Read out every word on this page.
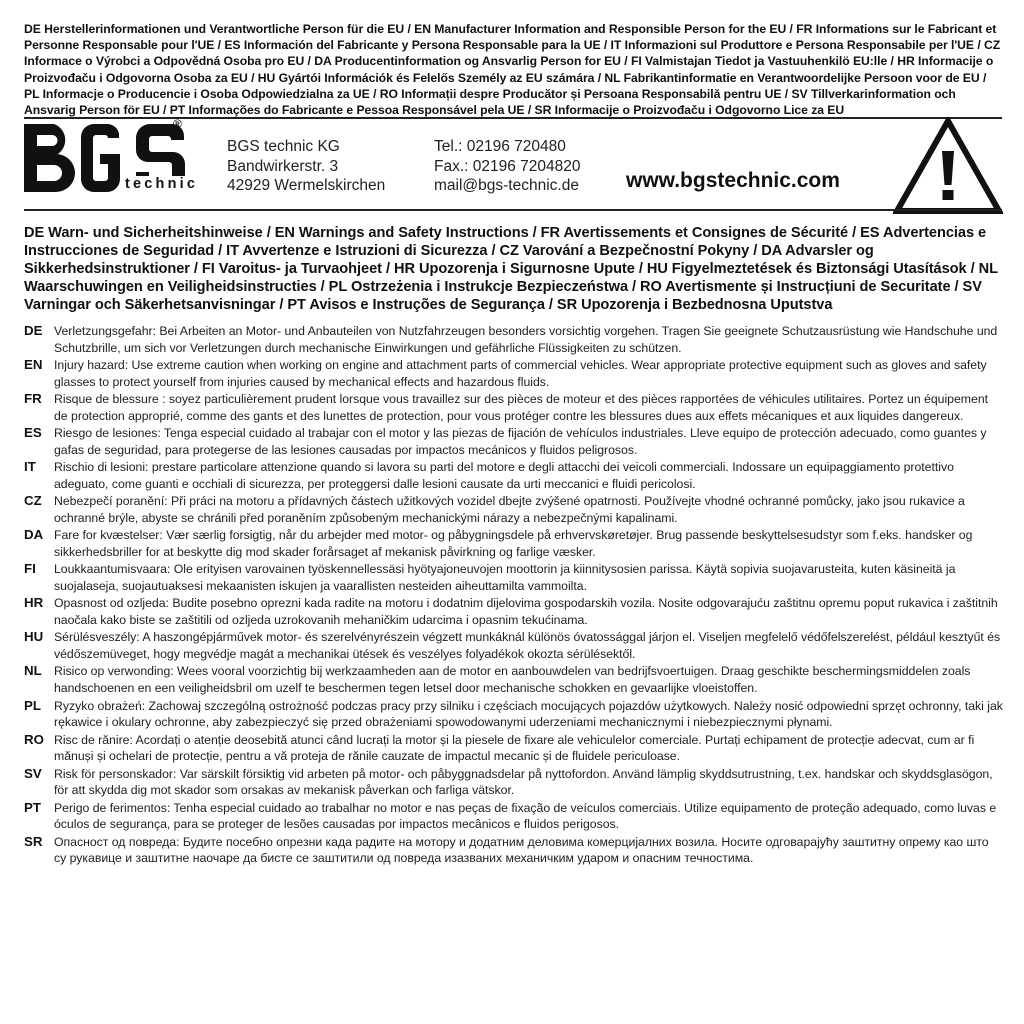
DE Herstellerinformationen und Verantwortliche Person für die EU / EN Manufacturer Information and Responsible Person for the EU / FR Informations sur le Fabricant et Personne Responsable pour l'UE / ES Información del Fabricante y Persona Responsable para la UE / IT Informazioni sul Produttore e Persona Responsabile per l'UE / CZ Informace o Výrobci a Odpovědná Osoba pro EU / DA Producentinformation og Ansvarlig Person for EU / FI Valmistajan Tiedot ja Vastuuhenkilö EU:lle / HR Informacije o Proizvođaču i Odgovorna Osoba za EU / HU Gyártói Információk és Felelős Személy az EU számára / NL Fabrikantinformatie en Verantwoordelijke Persoon voor de EU / PL Informacje o Producencie i Osoba Odpowiedzialna za UE / RO Informații despre Producător și Persoana Responsabilă pentru UE / SV Tillverkarinformation och Ansvarig Person för EU / PT Informações do Fabricante e Pessoa Responsável pela UE / SR Informacije o Proizvođaču i Odgovorno Lice za EU
®
technic
BGS technic KG
Bandwirkerstr. 3
42929 Wermelskirchen
Tel.: 02196 720480
Fax.: 02196 7204820
mail@bgs-technic.de www.bgstechnic.com
DE Warn- und Sicherheitshinweise / EN Warnings and Safety Instructions / FR Avertissements et Consignes de Sécurité / ES Advertencias e Instrucciones de Seguridad / IT Avvertenze e Istruzioni di Sicurezza / CZ Varování a Bezpečnostní Pokyny / DA Advarsler og Sikkerhedsinstruktioner / FI Varoitus- ja Turvaohjeet / HR Upozorenja i Sigurnosne Upute / HU Figyelmeztetések és Biztonsági Utasítások / NL Waarschuwingen en Veiligheidsinstructies / PL Ostrzeżenia i Instrukcje Bezpieczeństwa / RO Avertismente și Instrucțiuni de Securitate / SV Varningar och Säkerhetsanvisningar / PT Avisos e Instruções de Segurança / SR Upozorenja i Bezbednosna Uputstva
DE Verletzungsgefahr: Bei Arbeiten an Motor- und Anbauteilen von Nutzfahrzeugen besonders vorsichtig vorgehen. Tragen Sie geeignete Schutzausrüstung wie Handschuhe und Schutzbrille, um sich vor Verletzungen durch mechanische Einwirkungen und gefährliche Flüssigkeiten zu schützen.
EN Injury hazard: Use extreme caution when working on engine and attachment parts of commercial vehicles. Wear appropriate protective equipment such as gloves and safety glasses to protect yourself from injuries caused by mechanical effects and hazardous fluids.
FR Risque de blessure : soyez particulièrement prudent lorsque vous travaillez sur des pièces de moteur et des pièces rapportées de véhicules utilitaires. Portez un équipement de protection approprié, comme des gants et des lunettes de protection, pour vous protéger contre les blessures dues aux effets mécaniques et aux liquides dangereux.
ES Riesgo de lesiones: Tenga especial cuidado al trabajar con el motor y las piezas de fijación de vehículos industriales. Lleve equipo de protección adecuado, como guantes y gafas de seguridad, para protegerse de las lesiones causadas por impactos mecánicos y fluidos peligrosos.
IT	Rischio di lesioni: prestare particolare attenzione quando si lavora su parti del motore e degli attacchi dei veicoli commerciali. Indossare un equipaggiamento protettivo adeguato, come guanti e occhiali di sicurezza, per proteggersi dalle lesioni causate da urti meccanici e fluidi pericolosi.
CZ Nebezpečí poranění: Při práci na motoru a přídavných částech užitkových vozidel dbejte zvýšené opatrnosti. Používejte vhodné ochranné pomůcky, jako jsou rukavice a ochranné brýle, abyste se chránili před poraněním způsobeným mechanickými nárazy a nebezpečnými kapalinami.
DA Fare for kvæstelser: Vær særlig forsigtig, når du arbejder med motor- og påbygningsdele på erhvervskøretøjer. Brug passende beskyttelsesudstyr som f.eks. handsker og sikkerhedsbriller for at beskytte dig mod skader forårsaget af mekanisk påvirkning og farlige væsker.
FI	Loukkaantumisvaara: Ole erityisen varovainen työskennellessäsi hyötyajoneuvojen moottorin ja kiinnitysosien parissa. Käytä sopivia suojavarusteita, kuten käsineitä ja suojalaseja, suojautuaksesi mekaanisten iskujen ja vaarallisten nesteiden aiheuttamilta vammoilta.
HR Opasnost od ozljeda: Budite posebno oprezni kada radite na motoru i dodatnim dijelovima gospodarskih vozila. Nosite odgovarajuću zaštitnu opremu poput rukavica i zaštitnih naočala kako biste se zaštitili od ozljeda uzrokovanih mehaničkim udarcima i opasnim tekućinama.
HU Sérülésveszély: A haszongépjárművek motor- és szerelvényrészein végzett munkáknál különös óvatossággal járjon el. Viseljen megfelelő védőfelszerelést, például kesztyűt és védőszemüveget, hogy megvédje magát a mechanikai ütések és veszélyes folyadékok okozta sérülésektől.
NL Risico op verwonding: Wees vooral voorzichtig bij werkzaamheden aan de motor en aanbouwdelen van bedrijfsvoertuigen. Draag geschikte beschermingsmiddelen zoals handschoenen en een veiligheidsbril om uzelf te beschermen tegen letsel door mechanische schokken en gevaarlijke vloeistoffen.
PL	Ryzyko obrażeń: Zachowaj szczególną ostrożność podczas pracy przy silniku i częściach mocujących pojazdów użytkowych. Należy nosić odpowiedni sprzęt ochronny, taki jak rękawice i okulary ochronne, aby zabezpieczyć się przed obrażeniami spowodowanymi uderzeniami mechanicznymi i niebezpiecznymi płynami.
RO Risc de rănire: Acordați o atenție deosebită atunci când lucrați la motor și la piesele de fixare ale vehiculelor comerciale. Purtați echipament de protecție adecvat, cum ar fi mănuși și ochelari de protecție, pentru a vă proteja de rănile cauzate de impactul mecanic și de fluidele periculoase.
SV Risk för personskador: Var särskilt försiktig vid arbeten på motor- och påbyggnadsdelar på nyttofordon. Använd lämplig skyddsutrustning, t.ex. handskar och skyddsglasögon, för att skydda dig mot skador som orsakas av mekanisk påverkan och farliga vätskor.
PT	Perigo de ferimentos: Tenha especial cuidado ao trabalhar no motor e nas peças de fixação de veículos comerciais. Utilize equipamento de proteção adequado, como luvas e óculos de segurança, para se proteger de lesões causadas por impactos mecânicos e fluidos perigosos.
SR Опасност од повреда: Будите посебно опрезни када радите на мотору и додатним деловима комерцијалних возила. Носите одговарајућу заштитну опрему као што су рукавице и заштитне наочаре да бисте се заштитили од повреда изазваних механичким ударом и опасним течностима.
